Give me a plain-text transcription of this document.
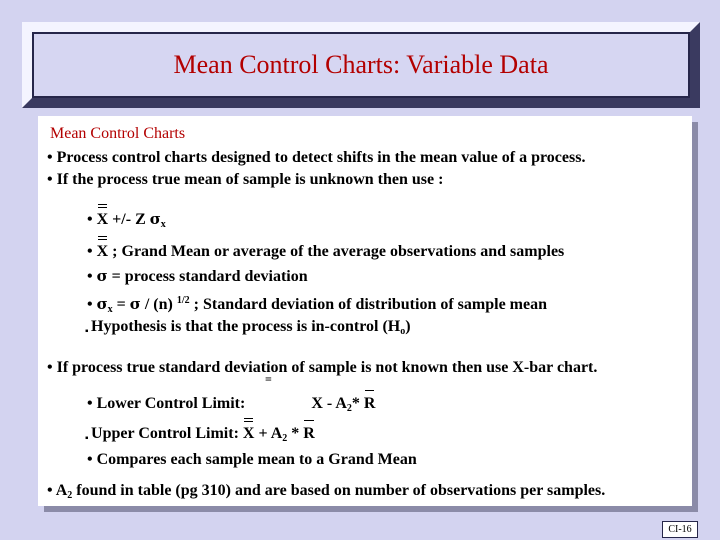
Mean Control Charts: Variable Data
Mean Control Charts
• Process control charts designed to detect shifts in the mean value of a process.
• If the process true mean of sample is unknown then use :
• X +/- Z $\sigma_x$
• X ; Grand Mean or average of the average observations and samples
• σ = process standard deviation
• $\sigma_x = \sigma / (n)$ $^{1/2}$ ; Standard deviation of distribution of sample mean
▪ Hypothesis is that the process is in-control $(H_o)$
• If process true standard deviation of sample is not known then use X-bar chart.
• Lower Control Limit:	X - $A_2*$ R
=
▪ Upper Control Limit: $X + A_2 * R$
• Compares each sample mean to a Grand Mean
• $A_2$ found in table (pg 310) and are based on number of observations per samples.
CI-16
